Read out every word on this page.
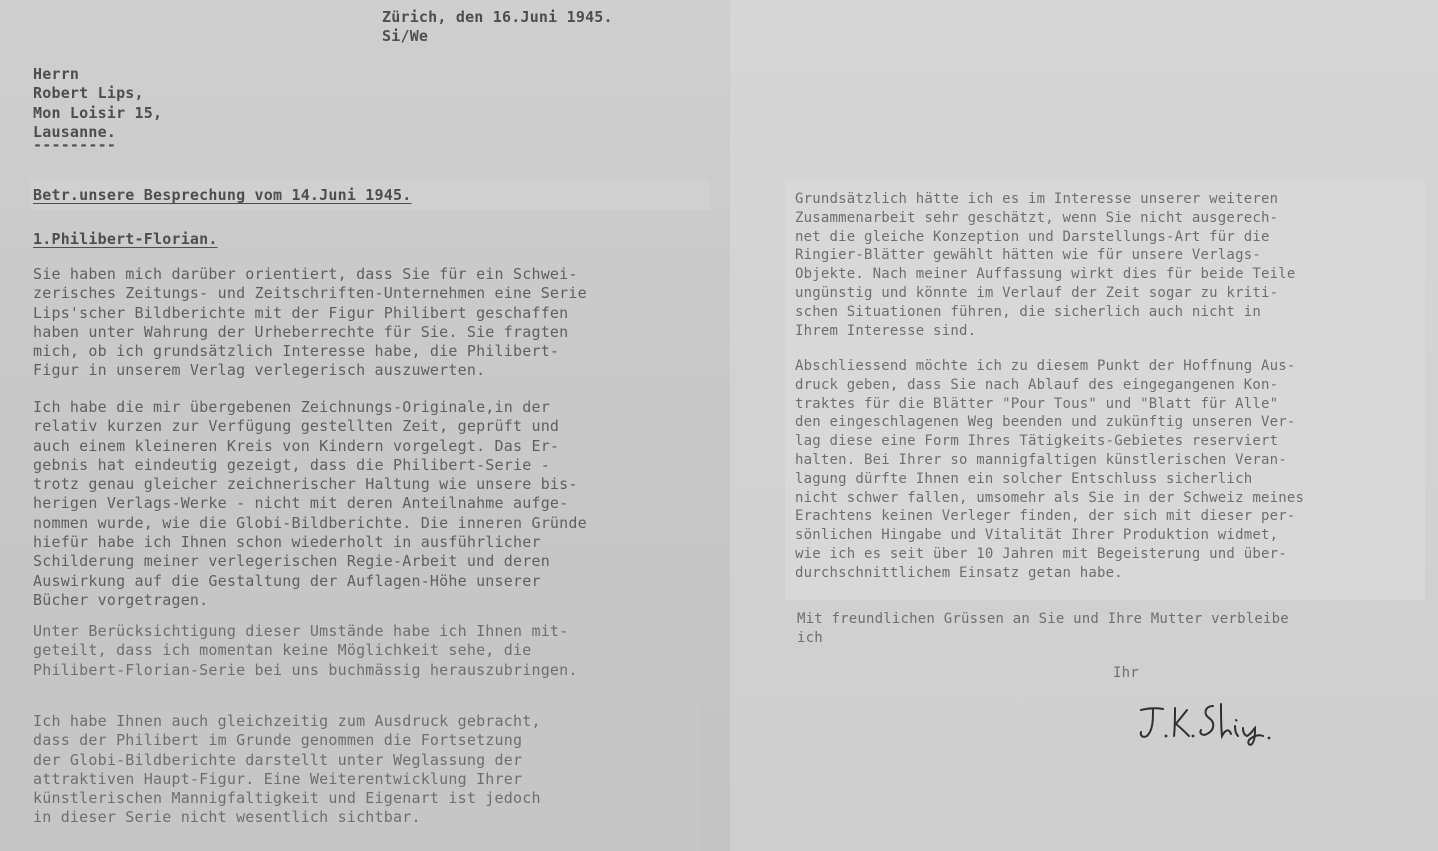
Zürich, den 16.Juni 1945.
Si/We
Herrn
Robert Lips,
Mon Loisir 15,
Lausanne.
---------
Betr.unsere Besprechung vom 14.Juni 1945.
1.Philibert-Florian.
Sie haben mich darüber orientiert, dass Sie für ein Schwei-
zerisches Zeitungs- und Zeitschriften-Unternehmen eine Serie
Lips'scher Bildberichte mit der Figur Philibert geschaffen
haben unter Wahrung der Urheberrechte für Sie. Sie fragten
mich, ob ich grundsätzlich Interesse habe, die Philibert-
Figur in unserem Verlag verlegerisch auszuwerten.
Ich habe die mir übergebenen Zeichnungs-Originale,in der
relativ kurzen zur Verfügung gestellten Zeit, geprüft und
auch einem kleineren Kreis von Kindern vorgelegt. Das Er-
gebnis hat eindeutig gezeigt, dass die Philibert-Serie -
trotz genau gleicher zeichnerischer Haltung wie unsere bis-
herigen Verlags-Werke - nicht mit deren Anteilnahme aufge-
nommen wurde, wie die Globi-Bildberichte. Die inneren Gründe
hiefür habe ich Ihnen schon wiederholt in ausführlicher
Schilderung meiner verlegerischen Regie-Arbeit und deren
Auswirkung auf die Gestaltung der Auflagen-Höhe unserer
Bücher vorgetragen.
Unter Berücksichtigung dieser Umstände habe ich Ihnen mit-
geteilt, dass ich momentan keine Möglichkeit sehe, die
Philibert-Florian-Serie bei uns buchmässig herauszubringen.
Ich habe Ihnen auch gleichzeitig zum Ausdruck gebracht,
dass der Philibert im Grunde genommen die Fortsetzung
der Globi-Bildberichte darstellt unter Weglassung der
attraktiven Haupt-Figur. Eine Weiterentwicklung Ihrer
künstlerischen Mannigfaltigkeit und Eigenart ist jedoch
in dieser Serie nicht wesentlich sichtbar.
Grundsätzlich hätte ich es im Interesse unserer weiteren
Zusammenarbeit sehr geschätzt, wenn Sie nicht ausgerech-
net die gleiche Konzeption und Darstellungs-Art für die
Ringier-Blätter gewählt hätten wie für unsere Verlags-
Objekte. Nach meiner Auffassung wirkt dies für beide Teile
ungünstig und könnte im Verlauf der Zeit sogar zu kriti-
schen Situationen führen, die sicherlich auch nicht in
Ihrem Interesse sind.
Abschliessend möchte ich zu diesem Punkt der Hoffnung Aus-
druck geben, dass Sie nach Ablauf des eingegangenen Kon-
traktes für die Blätter "Pour Tous" und "Blatt für Alle"
den eingeschlagenen Weg beenden und zukünftig unseren Ver-
lag diese eine Form Ihres Tätigkeits-Gebietes reserviert
halten. Bei Ihrer so mannigfaltigen künstlerischen Veran-
lagung dürfte Ihnen ein solcher Entschluss sicherlich
nicht schwer fallen, umsomehr als Sie in der Schweiz meines
Erachtens keinen Verleger finden, der sich mit dieser per-
sönlichen Hingabe und Vitalität Ihrer Produktion widmet,
wie ich es seit über 10 Jahren mit Begeisterung und über-
durchschnittlichem Einsatz getan habe.
Mit freundlichen Grüssen an Sie und Ihre Mutter verbleibe
ich
Ihr
